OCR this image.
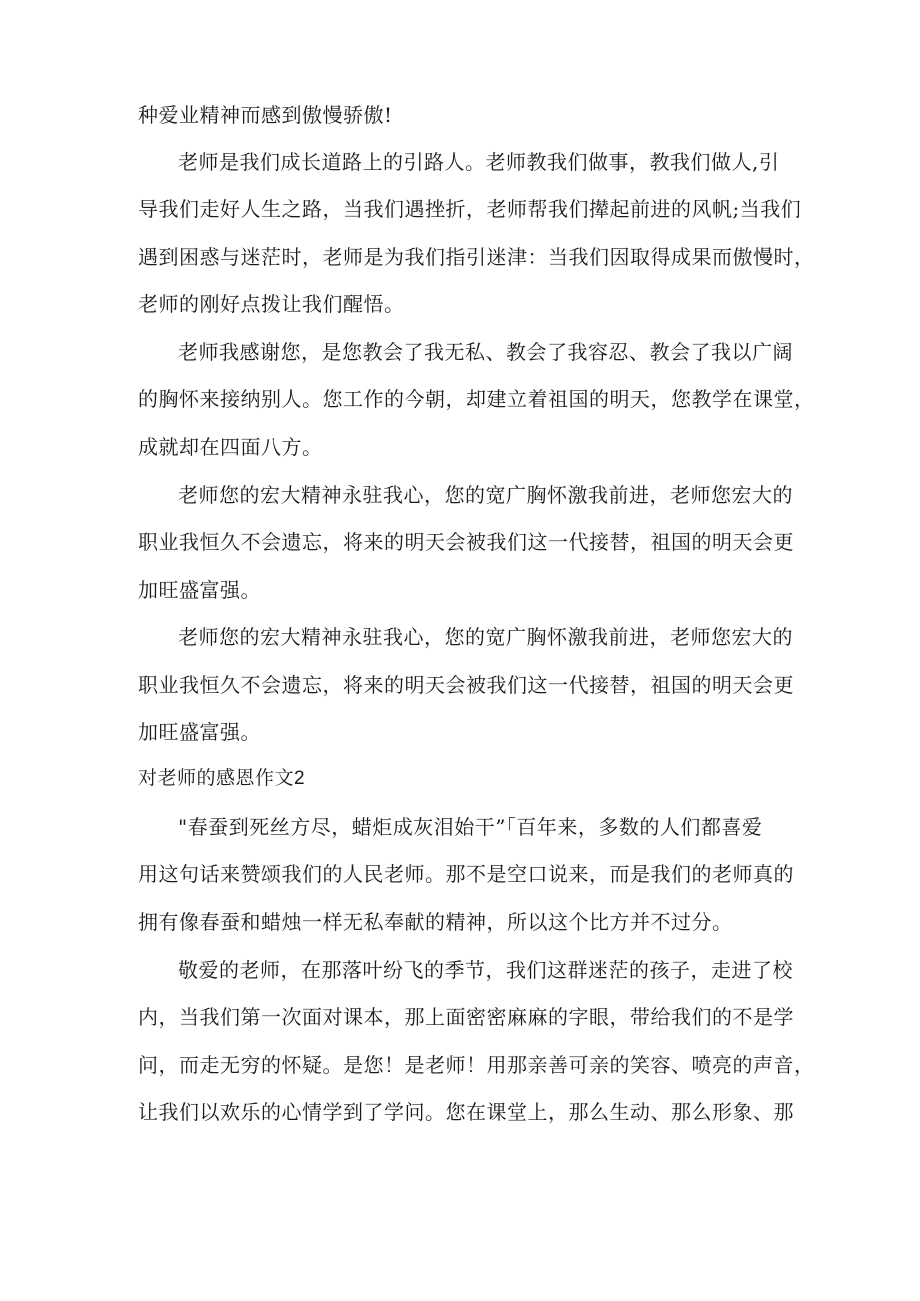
种爱业精神而感到傲慢骄傲!
老师是我们成长道路上的引路人。老师教我们做事，教我们做人,引
导我们走好人生之路，当我们遇挫折，老师帮我们撵起前进的风帆;当我们
遇到困惑与迷茫时，老师是为我们指引迷津：当我们因取得成果而傲慢时，
老师的刚好点拨让我们醒悟。
老师我感谢您，是您教会了我无私、教会了我容忍、教会了我以广阔
的胸怀来接纳别人。您工作的今朝，却建立着祖国的明天，您教学在课堂，
成就却在四面八方。
老师您的宏大精神永驻我心，您的宽广胸怀激我前进，老师您宏大的
职业我恒久不会遗忘，将来的明天会被我们这一代接替，祖国的明天会更
加旺盛富强。
老师您的宏大精神永驻我心，您的宽广胸怀激我前进，老师您宏大的
职业我恒久不会遗忘，将来的明天会被我们这一代接替，祖国的明天会更
加旺盛富强。
对老师的感恩作文2
"春蚕到死丝方尽，蜡炬成灰泪始干”「百年来，多数的人们都喜爱
用这句话来赞颂我们的人民老师。那不是空口说来，而是我们的老师真的
拥有像春蚕和蜡烛一样无私奉献的精神，所以这个比方并不过分。
敬爱的老师，在那落叶纷飞的季节，我们这群迷茫的孩子，走进了校
内，当我们第一次面对课本，那上面密密麻麻的字眼，带给我们的不是学
问，而走无穷的怀疑。是您！是老师！用那亲善可亲的笑容、喷亮的声音，
让我们以欢乐的心情学到了学问。您在课堂上，那么生动、那么形象、那
